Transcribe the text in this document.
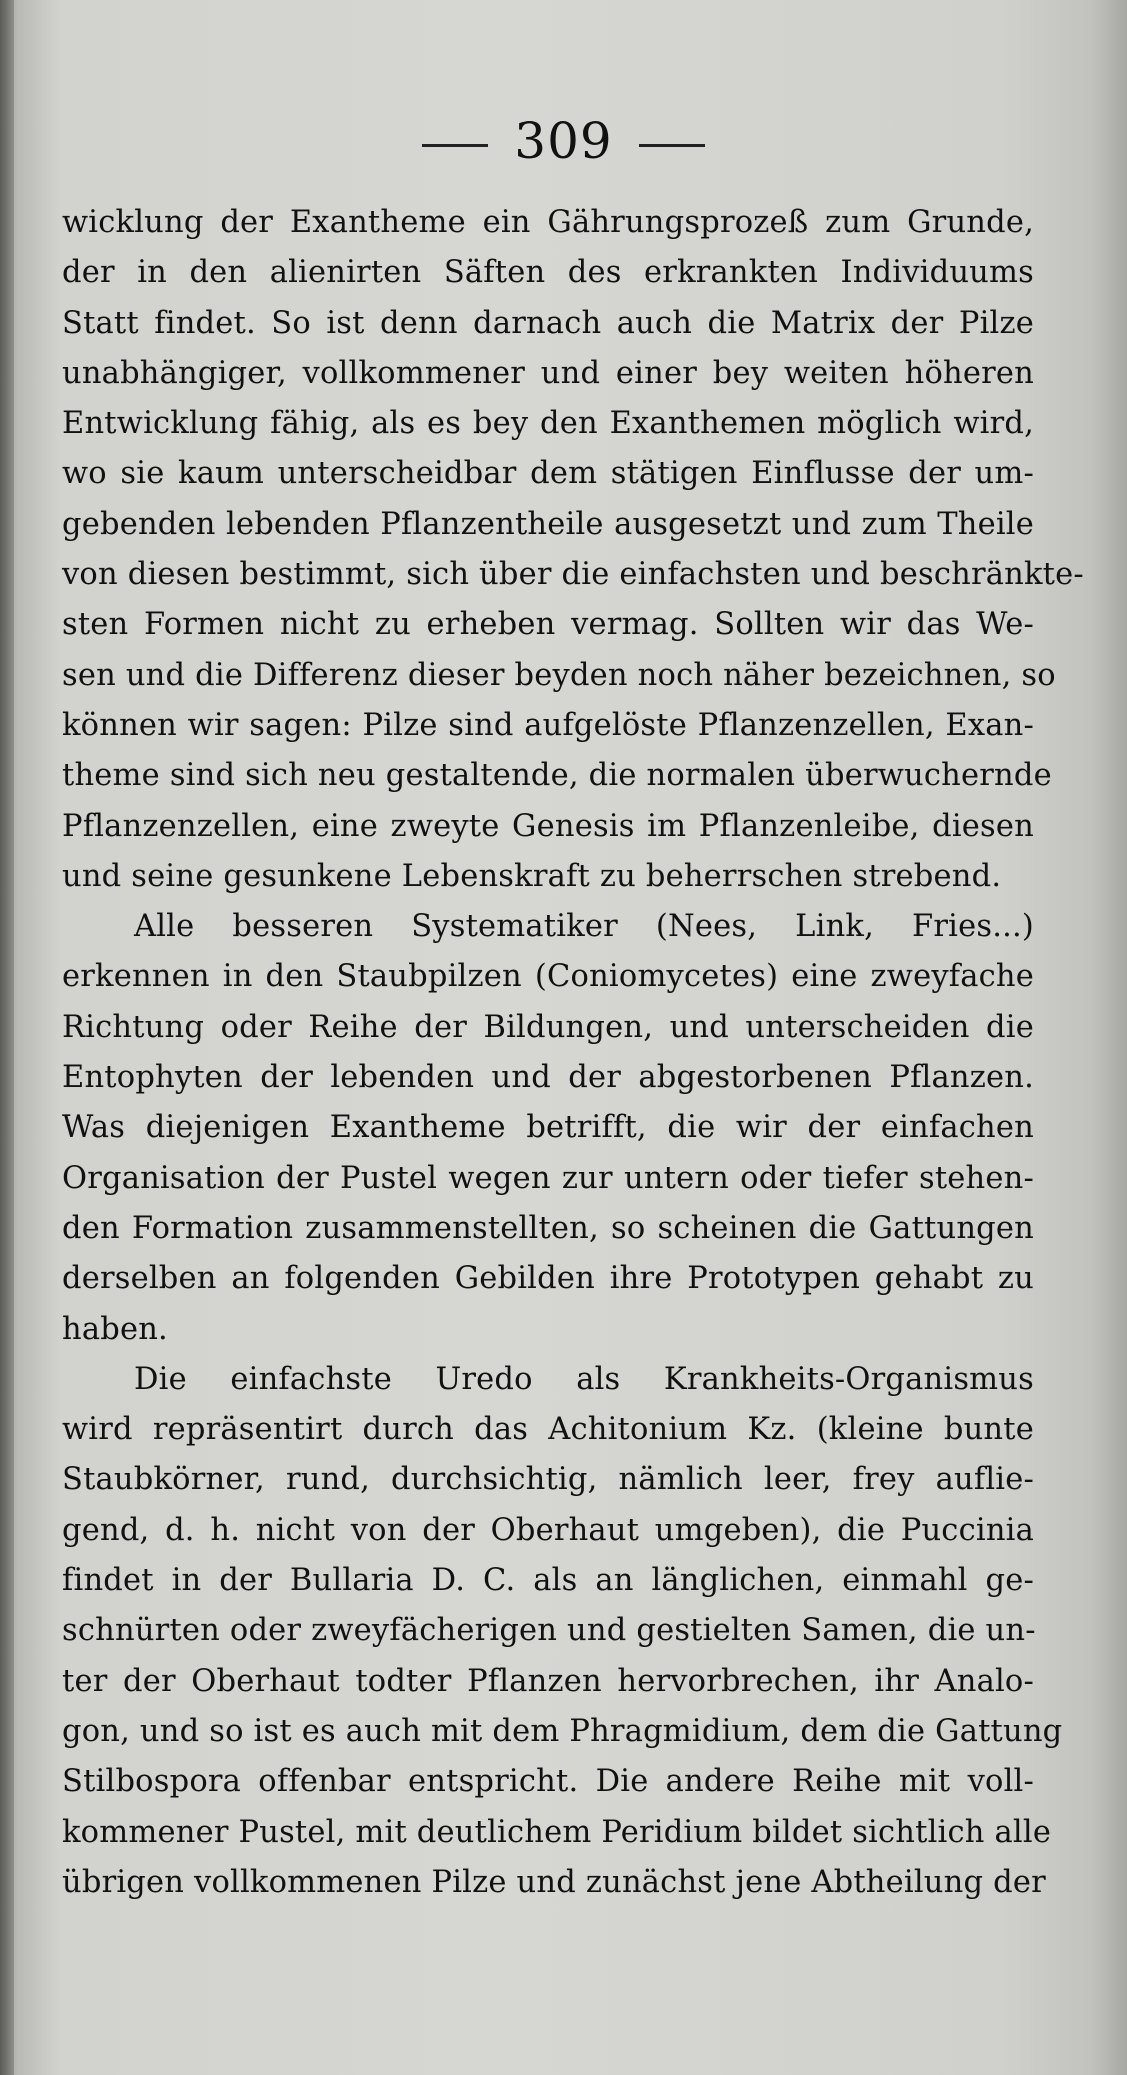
309
wicklung der Exantheme ein Gährungsprozeß zum Grunde,
der in den alienirten Säften des erkrankten Individuums
Statt findet. So ist denn darnach auch die Matrix der Pilze
unabhängiger, vollkommener und einer bey weiten höheren
Entwicklung fähig, als es bey den Exanthemen möglich wird,
wo sie kaum unterscheidbar dem stätigen Einflusse der um-
gebenden lebenden Pflanzentheile ausgesetzt und zum Theile
von diesen bestimmt, sich über die einfachsten und beschränkte-
sten Formen nicht zu erheben vermag. Sollten wir das We-
sen und die Differenz dieser beyden noch näher bezeichnen, so
können wir sagen: Pilze sind aufgelöste Pflanzenzellen, Exan-
theme sind sich neu gestaltende, die normalen überwuchernde
Pflanzenzellen, eine zweyte Genesis im Pflanzenleibe, diesen
und seine gesunkene Lebenskraft zu beherrschen strebend.
Alle besseren Systematiker (Nees, Link, Fries...)
erkennen in den Staubpilzen (Coniomycetes) eine zweyfache
Richtung oder Reihe der Bildungen, und unterscheiden die
Entophyten der lebenden und der abgestorbenen Pflanzen.
Was diejenigen Exantheme betrifft, die wir der einfachen
Organisation der Pustel wegen zur untern oder tiefer stehen-
den Formation zusammenstellten, so scheinen die Gattungen
derselben an folgenden Gebilden ihre Prototypen gehabt zu
haben.
Die einfachste Uredo als Krankheits-Organismus
wird repräsentirt durch das Achitonium Kz. (kleine bunte
Staubkörner, rund, durchsichtig, nämlich leer, frey auflie-
gend, d. h. nicht von der Oberhaut umgeben), die Puccinia
findet in der Bullaria D. C. als an länglichen, einmahl ge-
schnürten oder zweyfächerigen und gestielten Samen, die un-
ter der Oberhaut todter Pflanzen hervorbrechen, ihr Analo-
gon, und so ist es auch mit dem Phragmidium, dem die Gattung
Stilbospora offenbar entspricht. Die andere Reihe mit voll-
kommener Pustel, mit deutlichem Peridium bildet sichtlich alle
übrigen vollkommenen Pilze und zunächst jene Abtheilung der
